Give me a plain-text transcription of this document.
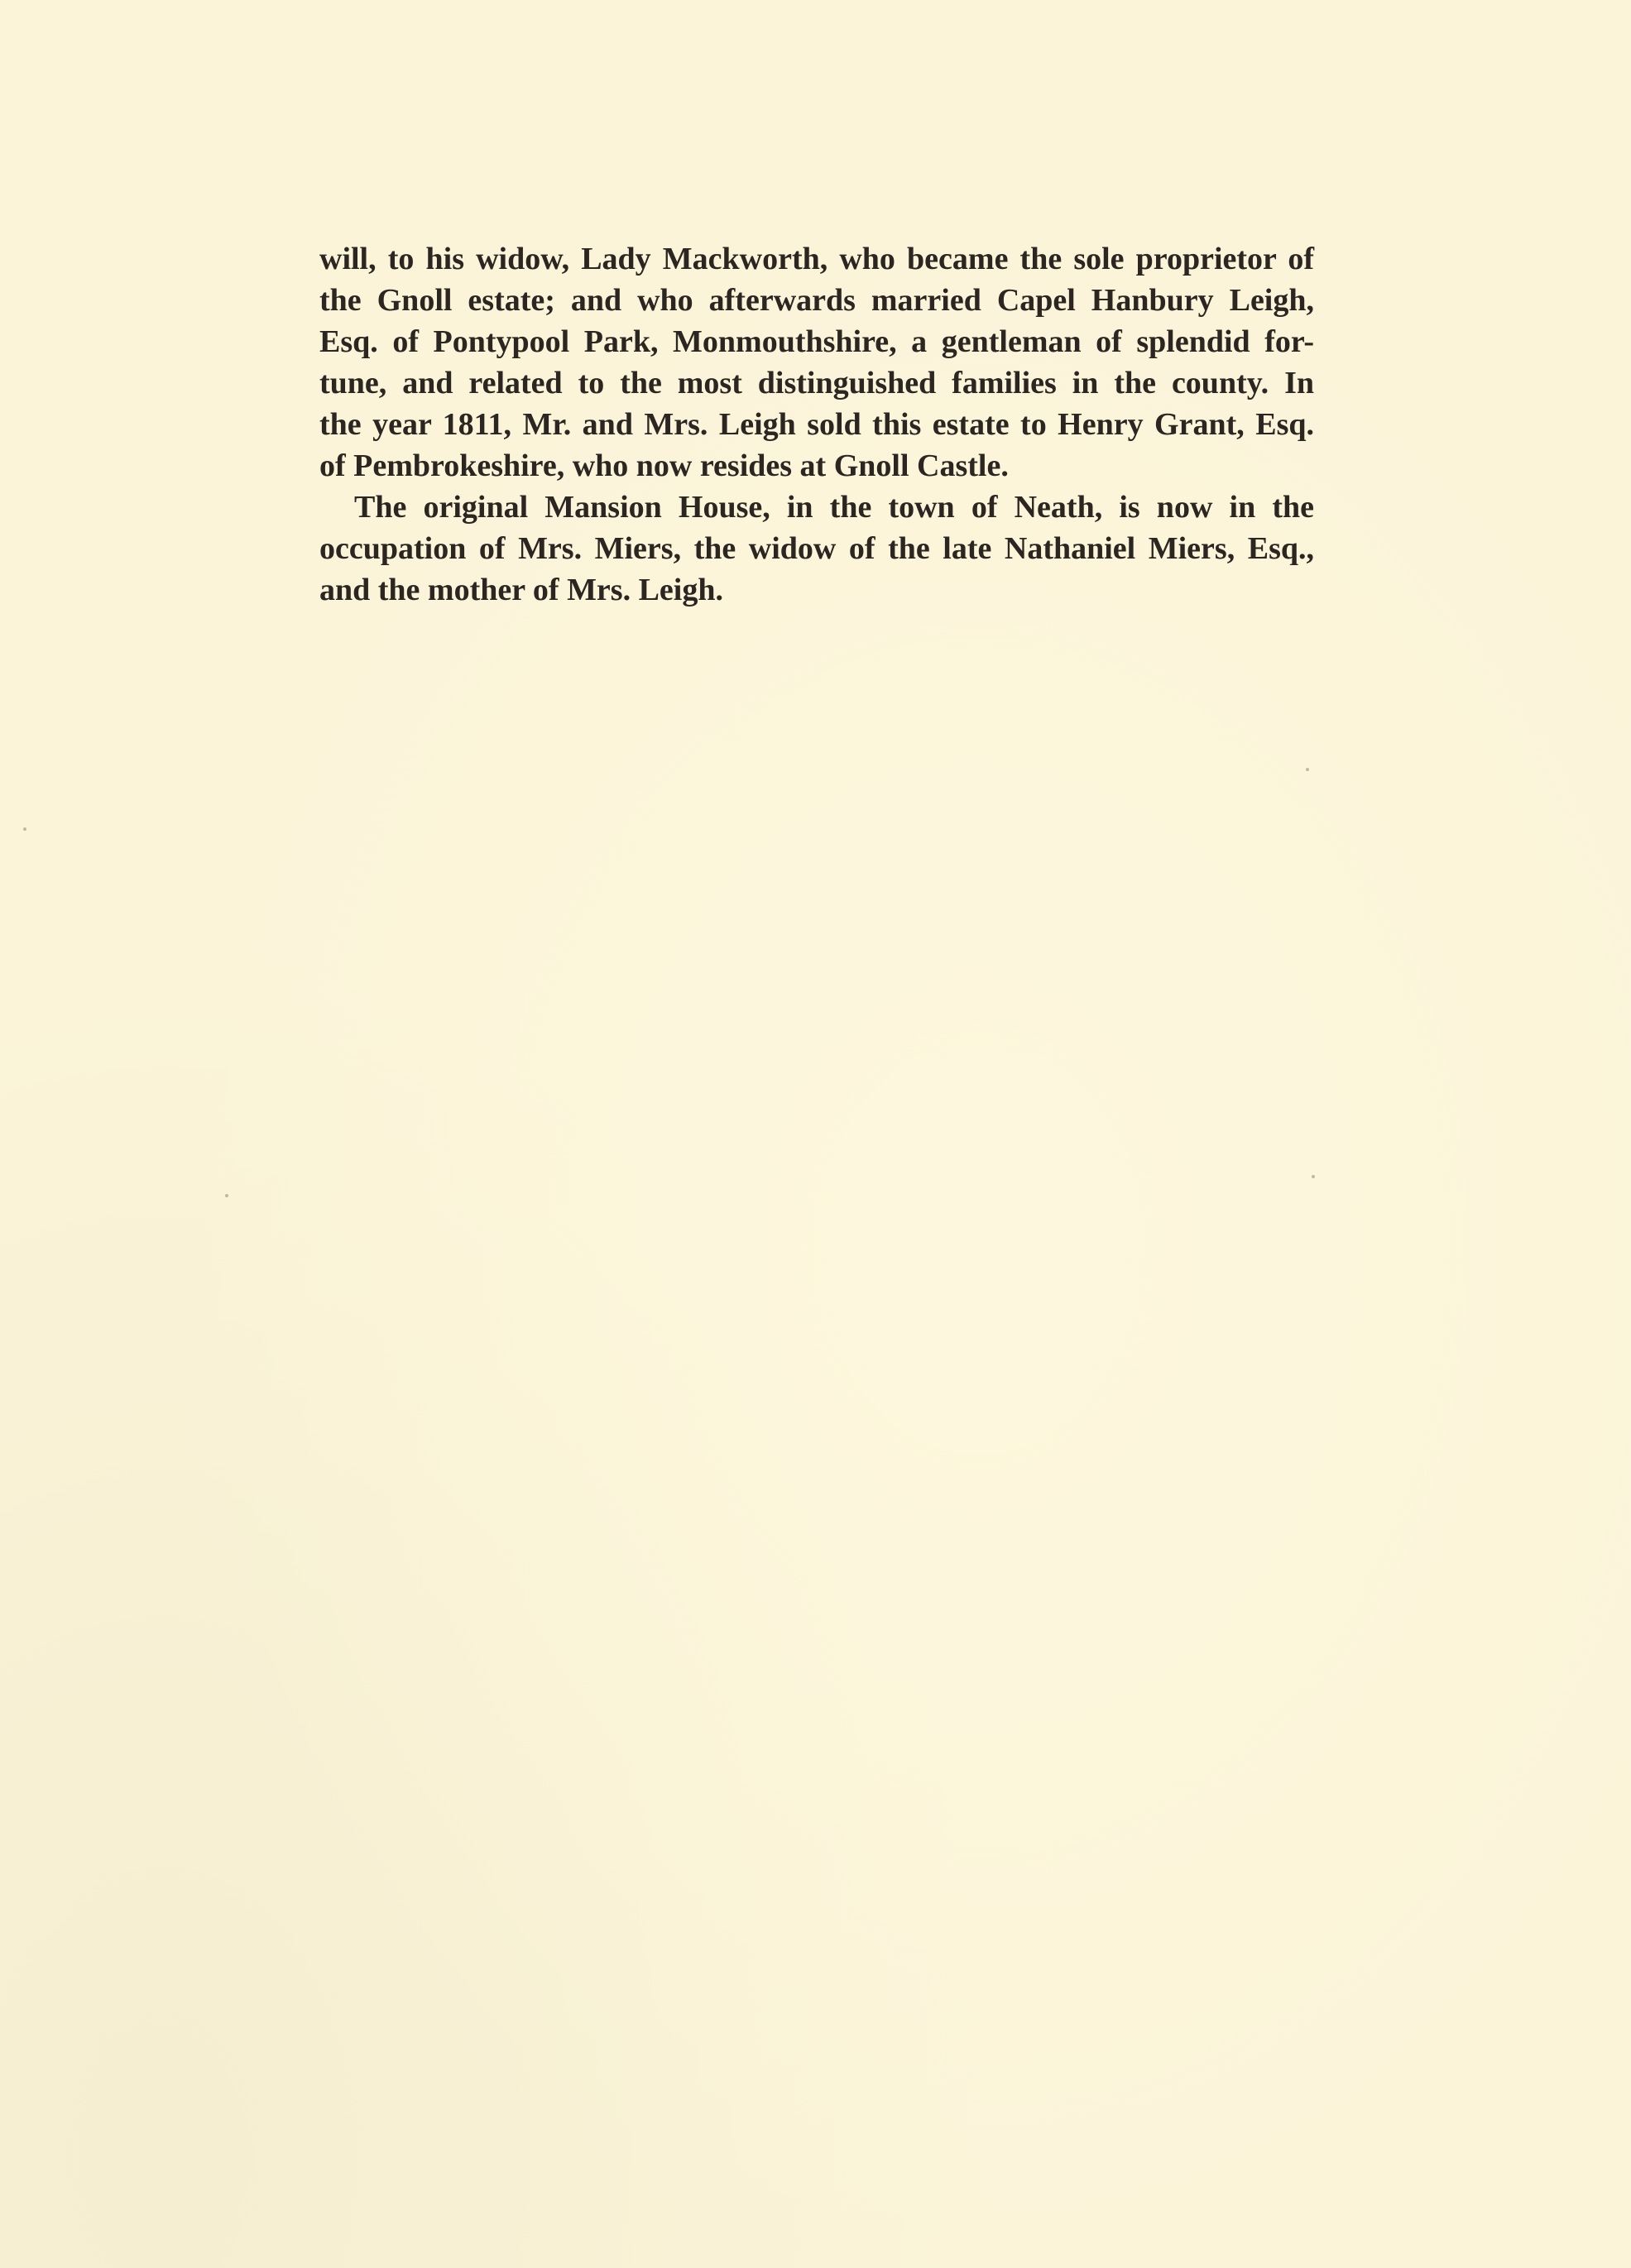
will, to his widow, Lady Mackworth, who became the sole proprietor of
the Gnoll estate; and who afterwards married Capel Hanbury Leigh,
Esq. of Pontypool Park, Monmouthshire, a gentleman of splendid for-
tune, and related to the most distinguished families in the county. In
the year 1811, Mr. and Mrs. Leigh sold this estate to Henry Grant, Esq.
of Pembrokeshire, who now resides at Gnoll Castle.
The original Mansion House, in the town of Neath, is now in the
occupation of Mrs. Miers, the widow of the late Nathaniel Miers, Esq.,
and the mother of Mrs. Leigh.
